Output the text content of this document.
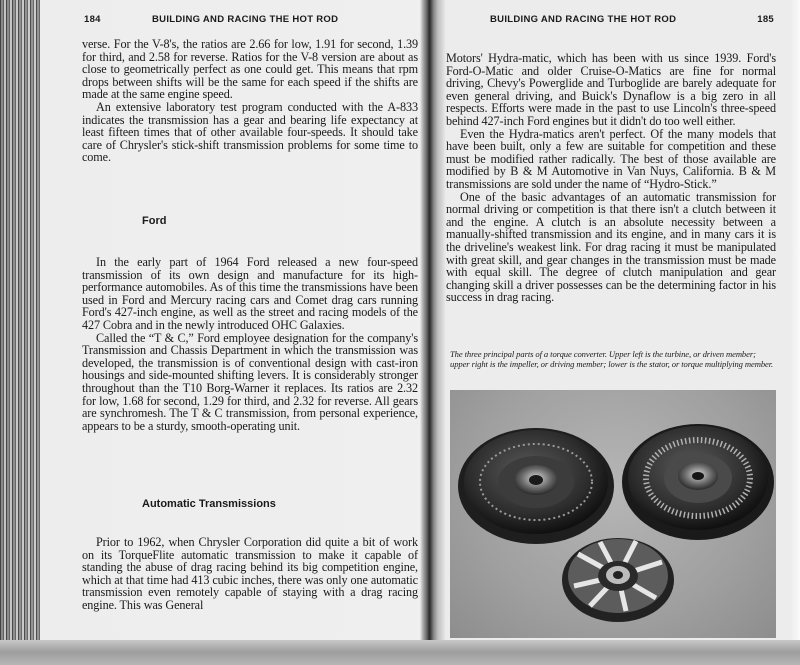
184	BUILDING AND RACING THE HOT ROD

verse. For the V-8's, the ratios are 2.66 for low, 1.91 for second, 1.39 for third, and 2.58 for reverse. Ratios for the V-8 version are about as close to geometrically perfect as one could get. This means that rpm drops between shifts will be the same for each speed if the shifts are made at the same engine speed.

An extensive laboratory test program conducted with the A-833 indicates the transmission has a gear and bearing life expectancy at least fifteen times that of other available four-speeds. It should take care of Chrysler's stick-shift transmission problems for some time to come.

Ford

In the early part of 1964 Ford released a new four-speed transmission of its own design and manufacture for its high-performance automobiles. As of this time the transmissions have been used in Ford and Mercury racing cars and Comet drag cars running Ford's 427-inch engine, as well as the street and racing models of the 427 Cobra and in the newly introduced OHC Galaxies.

Called the “T & C,” Ford employee designation for the company's Transmission and Chassis Department in which the transmission was developed, the transmission is of conventional design with cast-iron housings and side-mounted shifting levers. It is considerably stronger throughout than the T10 Borg-Warner it replaces. Its ratios are 2.32 for low, 1.68 for second, 1.29 for third, and 2.32 for reverse. All gears are synchromesh. The T & C transmission, from personal experience, appears to be a sturdy, smooth-operating unit.

Automatic Transmissions

Prior to 1962, when Chrysler Corporation did quite a bit of work on its TorqueFlite automatic transmission to make it capable of standing the abuse of drag racing behind its big competition engine, which at that time had 413 cubic inches, there was only one automatic transmission even remotely capable of staying with a drag racing engine. This was General

BUILDING AND RACING THE HOT ROD	185

Motors' Hydra-matic, which has been with us since 1939. Ford's Ford-O-Matic and older Cruise-O-Matics are fine for normal driving, Chevy's Powerglide and Turboglide are barely adequate for even general driving, and Buick's Dynaflow is a big zero in all respects. Efforts were made in the past to use Lincoln's three-speed behind 427-inch Ford engines but it didn't do too well either.

Even the Hydra-matics aren't perfect. Of the many models that have been built, only a few are suitable for competition and these must be modified rather radically. The best of those available are modified by B & M Automotive in Van Nuys, California. B & M transmissions are sold under the name of “Hydro-Stick.”

One of the basic advantages of an automatic transmission for normal driving or competition is that there isn't a clutch between it and the engine. A clutch is an absolute necessity between a manually-shifted transmission and its engine, and in many cars it is the driveline's weakest link. For drag racing it must be manipulated with great skill, and gear changes in the transmission must be made with equal skill. The degree of clutch manipulation and gear changing skill a driver possesses can be the determining factor in his success in drag racing.

The three principal parts of a torque converter. Upper left is the turbine, or driven member; upper right is the impeller, or driving member; lower is the stator, or torque multiplying member.
